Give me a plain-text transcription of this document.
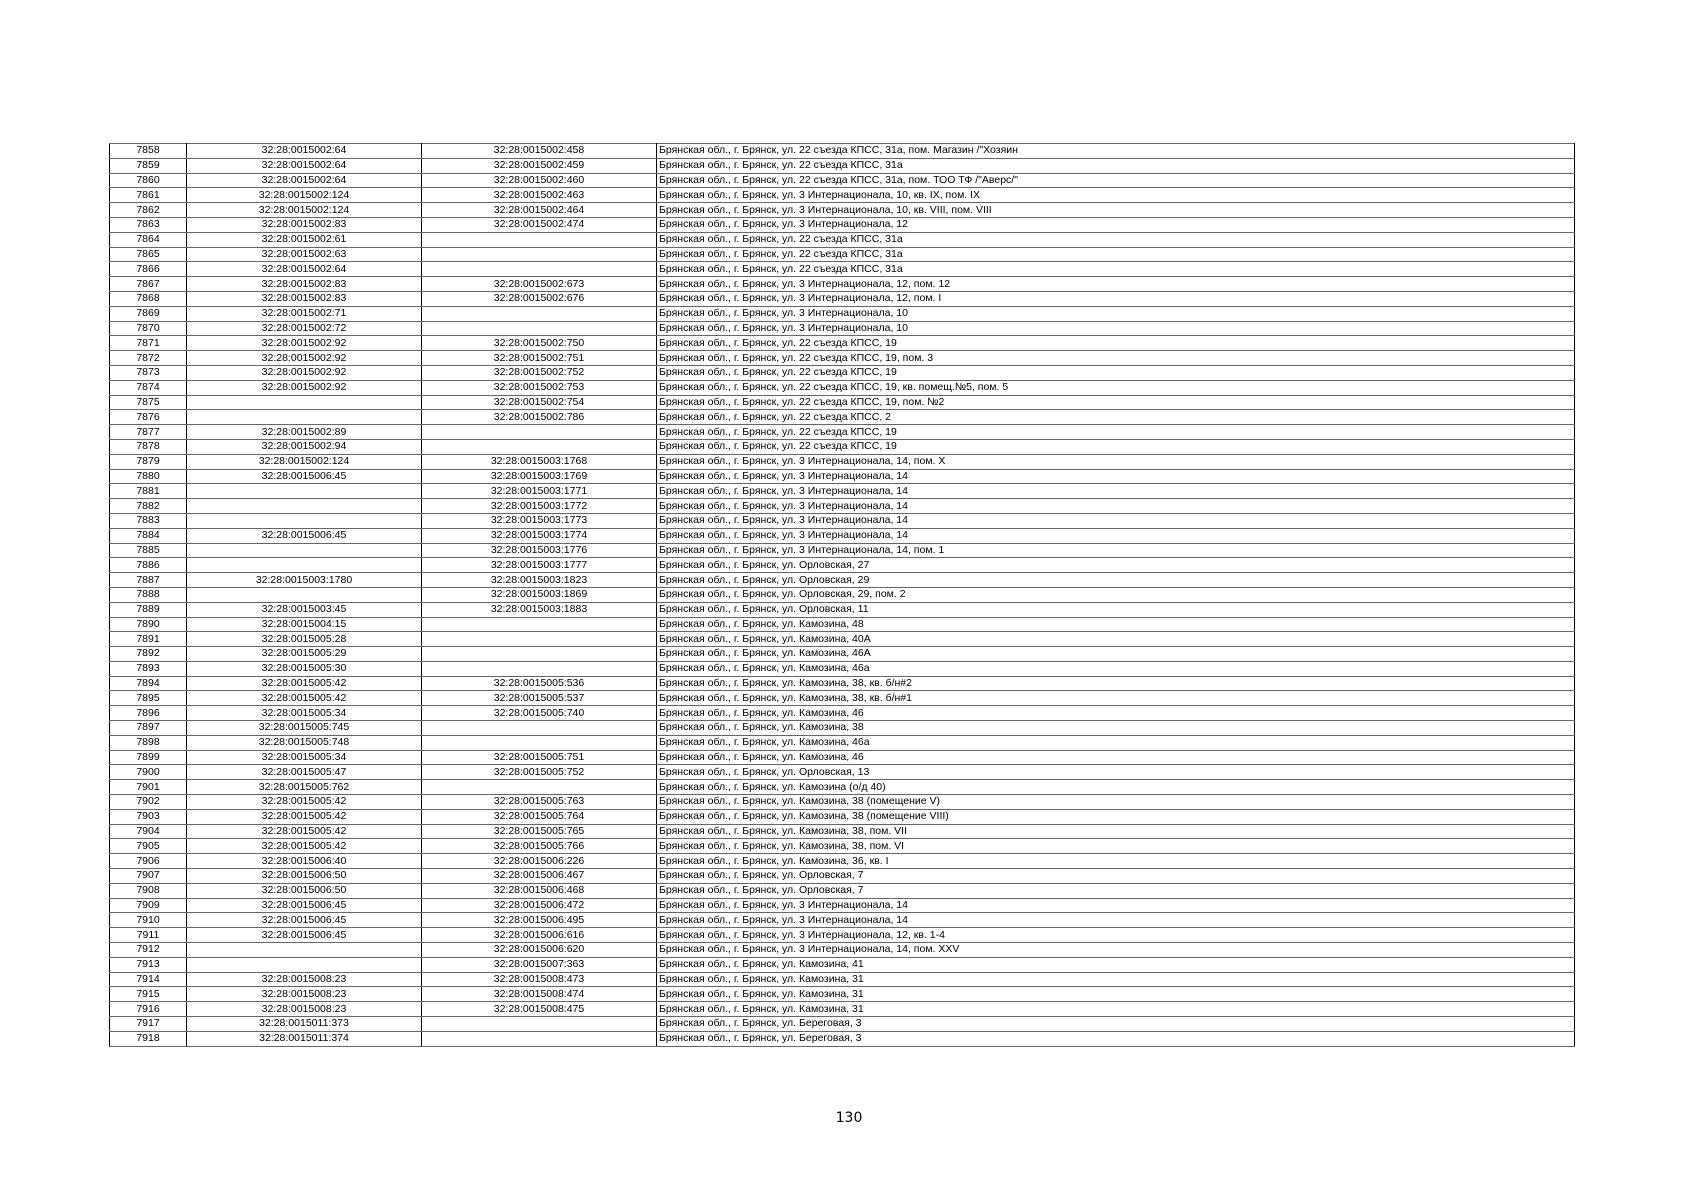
7858	32:28:0015002:64	32:28:0015002:458	Брянская обл., г. Брянск, ул. 22 съезда КПСС, 31а, пом. Магазин /"Хозяин
7859	32:28:0015002:64	32:28:0015002:459	Брянская обл., г. Брянск, ул. 22 съезда КПСС, 31а
7860	32:28:0015002:64	32:28:0015002:460	Брянская обл., г. Брянск, ул. 22 съезда КПСС, 31а, пом. ТОО ТФ /"Аверс/"
7861	32:28:0015002:124	32:28:0015002:463	Брянская обл., г. Брянск, ул. 3 Интернационала, 10, кв. IX, пом. IX
7862	32:28:0015002:124	32:28:0015002:464	Брянская обл., г. Брянск, ул. 3 Интернационала, 10, кв. VIII, пом. VIII
7863	32:28:0015002:83	32:28:0015002:474	Брянская обл., г. Брянск, ул. 3 Интернационала, 12
7864	32:28:0015002:61		Брянская обл., г. Брянск, ул. 22 съезда КПСС, 31а
7865	32:28:0015002:63		Брянская обл., г. Брянск, ул. 22 съезда КПСС, 31а
7866	32:28:0015002:64		Брянская обл., г. Брянск, ул. 22 съезда КПСС, 31а
7867	32:28:0015002:83	32:28:0015002:673	Брянская обл., г. Брянск, ул. 3 Интернационала, 12, пом. 12
7868	32:28:0015002:83	32:28:0015002:676	Брянская обл., г. Брянск, ул. 3 Интернационала, 12, пом. I
7869	32:28:0015002:71		Брянская обл., г. Брянск, ул. 3 Интернационала, 10
7870	32:28:0015002:72		Брянская обл., г. Брянск, ул. 3 Интернационала, 10
7871	32:28:0015002:92	32:28:0015002:750	Брянская обл., г. Брянск, ул. 22 съезда КПСС, 19
7872	32:28:0015002:92	32:28:0015002:751	Брянская обл., г. Брянск, ул. 22 съезда КПСС, 19, пом. 3
7873	32:28:0015002:92	32:28:0015002:752	Брянская обл., г. Брянск, ул. 22 съезда КПСС, 19
7874	32:28:0015002:92	32:28:0015002:753	Брянская обл., г. Брянск, ул. 22 съезда КПСС, 19, кв. помещ.№5, пом. 5
7875		32:28:0015002:754	Брянская обл., г. Брянск, ул. 22 съезда КПСС, 19, пом. №2
7876		32:28:0015002:786	Брянская обл., г. Брянск, ул. 22 съезда КПСС, 2
7877	32:28:0015002:89		Брянская обл., г. Брянск, ул. 22 съезда КПСС, 19
7878	32:28:0015002:94		Брянская обл., г. Брянск, ул. 22 съезда КПСС, 19
7879	32:28:0015002:124	32:28:0015003:1768	Брянская обл., г. Брянск, ул. 3 Интернационала, 14, пом. X
7880	32:28:0015006:45	32:28:0015003:1769	Брянская обл., г. Брянск, ул. 3 Интернационала, 14
7881		32:28:0015003:1771	Брянская обл., г. Брянск, ул. 3 Интернационала, 14
7882		32:28:0015003:1772	Брянская обл., г. Брянск, ул. 3 Интернационала, 14
7883		32:28:0015003:1773	Брянская обл., г. Брянск, ул. 3 Интернационала, 14
7884	32:28:0015006:45	32:28:0015003:1774	Брянская обл., г. Брянск, ул. 3 Интернационала, 14
7885		32:28:0015003:1776	Брянская обл., г. Брянск, ул. 3 Интернационала, 14, пом. 1
7886		32:28:0015003:1777	Брянская обл., г. Брянск, ул. Орловская, 27
7887	32:28:0015003:1780	32:28:0015003:1823	Брянская обл., г. Брянск, ул. Орловская, 29
7888		32:28:0015003:1869	Брянская обл., г. Брянск, ул. Орловская, 29, пом. 2
7889	32:28:0015003:45	32:28:0015003:1883	Брянская обл., г. Брянск, ул. Орловская, 11
7890	32:28:0015004:15		Брянская обл., г. Брянск, ул. Камозина, 48
7891	32:28:0015005:28		Брянская обл., г. Брянск, ул. Камозина, 40А
7892	32:28:0015005:29		Брянская обл., г. Брянск, ул. Камозина, 46А
7893	32:28:0015005:30		Брянская обл., г. Брянск, ул. Камозина, 46а
7894	32:28:0015005:42	32:28:0015005:536	Брянская обл., г. Брянск, ул. Камозина, 38, кв. б/н#2
7895	32:28:0015005:42	32:28:0015005:537	Брянская обл., г. Брянск, ул. Камозина, 38, кв. б/н#1
7896	32:28:0015005:34	32:28:0015005:740	Брянская обл., г. Брянск, ул. Камозина, 46
7897	32:28:0015005:745		Брянская обл., г. Брянск, ул. Камозина, 38
7898	32:28:0015005:748		Брянская обл., г. Брянск, ул. Камозина, 46а
7899	32:28:0015005:34	32:28:0015005:751	Брянская обл., г. Брянск, ул. Камозина, 46
7900	32:28:0015005:47	32:28:0015005:752	Брянская обл., г. Брянск, ул. Орловская, 13
7901	32:28:0015005:762		Брянская обл., г. Брянск, ул. Камозина (о/д 40)
7902	32:28:0015005:42	32:28:0015005:763	Брянская обл., г. Брянск, ул. Камозина, 38 (помещение V)
7903	32:28:0015005:42	32:28:0015005:764	Брянская обл., г. Брянск, ул. Камозина, 38 (помещение VIII)
7904	32:28:0015005:42	32:28:0015005:765	Брянская обл., г. Брянск, ул. Камозина, 38, пом. VII
7905	32:28:0015005:42	32:28:0015005:766	Брянская обл., г. Брянск, ул. Камозина, 38, пом. VI
7906	32:28:0015006:40	32:28:0015006:226	Брянская обл., г. Брянск, ул. Камозина, 36, кв. I
7907	32:28:0015006:50	32:28:0015006:467	Брянская обл., г. Брянск, ул. Орловская, 7
7908	32:28:0015006:50	32:28:0015006:468	Брянская обл., г. Брянск, ул. Орловская, 7
7909	32:28:0015006:45	32:28:0015006:472	Брянская обл., г. Брянск, ул. 3 Интернационала, 14
7910	32:28:0015006:45	32:28:0015006:495	Брянская обл., г. Брянск, ул. 3 Интернационала, 14
7911	32:28:0015006:45	32:28:0015006:616	Брянская обл., г. Брянск, ул. 3 Интернационала, 12, кв. 1-4
7912		32:28:0015006:620	Брянская обл., г. Брянск, ул. 3 Интернационала, 14, пом. XXV
7913		32:28:0015007:363	Брянская обл., г. Брянск, ул. Камозина, 41
7914	32:28:0015008:23	32:28:0015008:473	Брянская обл., г. Брянск, ул. Камозина, 31
7915	32:28:0015008:23	32:28:0015008:474	Брянская обл., г. Брянск, ул. Камозина, 31
7916	32:28:0015008:23	32:28:0015008:475	Брянская обл., г. Брянск, ул. Камозина, 31
7917	32:28:0015011:373		Брянская обл., г. Брянск, ул. Береговая, 3
7918	32:28:0015011:374		Брянская обл., г. Брянск, ул. Береговая, 3
130
